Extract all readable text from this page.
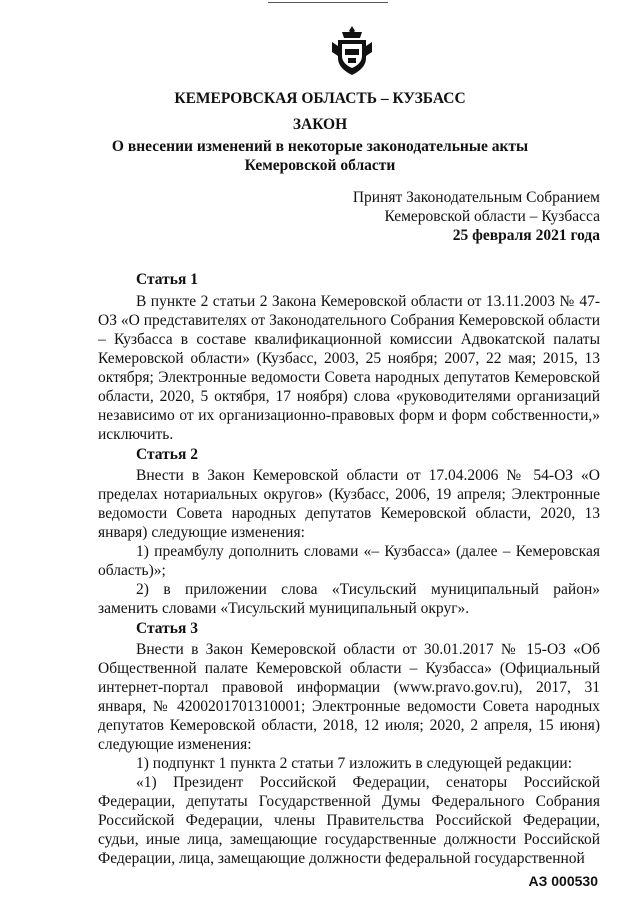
КЕМЕРОВСКАЯ ОБЛАСТЬ – КУЗБАСС
ЗАКОН
О внесении изменений в некоторые законодательные акты
Кемеровской области
Принят Законодательным Собранием
Кемеровской области – Кузбасса
25 февраля 2021 года
Статья 1

В пункте 2 статьи 2 Закона Кемеровской области от 13.11.2003 № 47-ОЗ «О представителях от Законодательного Собрания Кемеровской области – Кузбасса в составе квалификационной комиссии Адвокатской палаты Кемеровской области» (Кузбасс, 2003, 25 ноября; 2007, 22 мая; 2015, 13 октября; Электронные ведомости Совета народных депутатов Кемеровской области, 2020, 5 октября, 17 ноября) слова «руководителями организаций независимо от их организационно-правовых форм и форм собственности,» исключить.

Статья 2

Внести в Закон Кемеровской области от 17.04.2006 № 54-ОЗ «О пределах нотариальных округов» (Кузбасс, 2006, 19 апреля; Электронные ведомости Совета народных депутатов Кемеровской области, 2020, 13 января) следующие изменения:

1) преамбулу дополнить словами «– Кузбасса» (далее – Кемеровская область)»;

2) в приложении слова «Тисульский муниципальный район» заменить словами «Тисульский муниципальный округ».

Статья 3

Внести в Закон Кемеровской области от 30.01.2017 № 15-ОЗ «Об Общественной палате Кемеровской области – Кузбасса» (Официальный интернет-портал правовой информации (www.pravo.gov.ru), 2017, 31 января, № 4200201701310001; Электронные ведомости Совета народных депутатов Кемеровской области, 2018, 12 июля; 2020, 2 апреля, 15 июня) следующие изменения:

1) подпункт 1 пункта 2 статьи 7 изложить в следующей редакции:

«1) Президент Российской Федерации, сенаторы Российской Федерации, депутаты Государственной Думы Федерального Собрания Российской Федерации, члены Правительства Российской Федерации, судьи, иные лица, замещающие государственные должности Российской Федерации, лица, замещающие должности федеральной государственной

АЗ 000530
